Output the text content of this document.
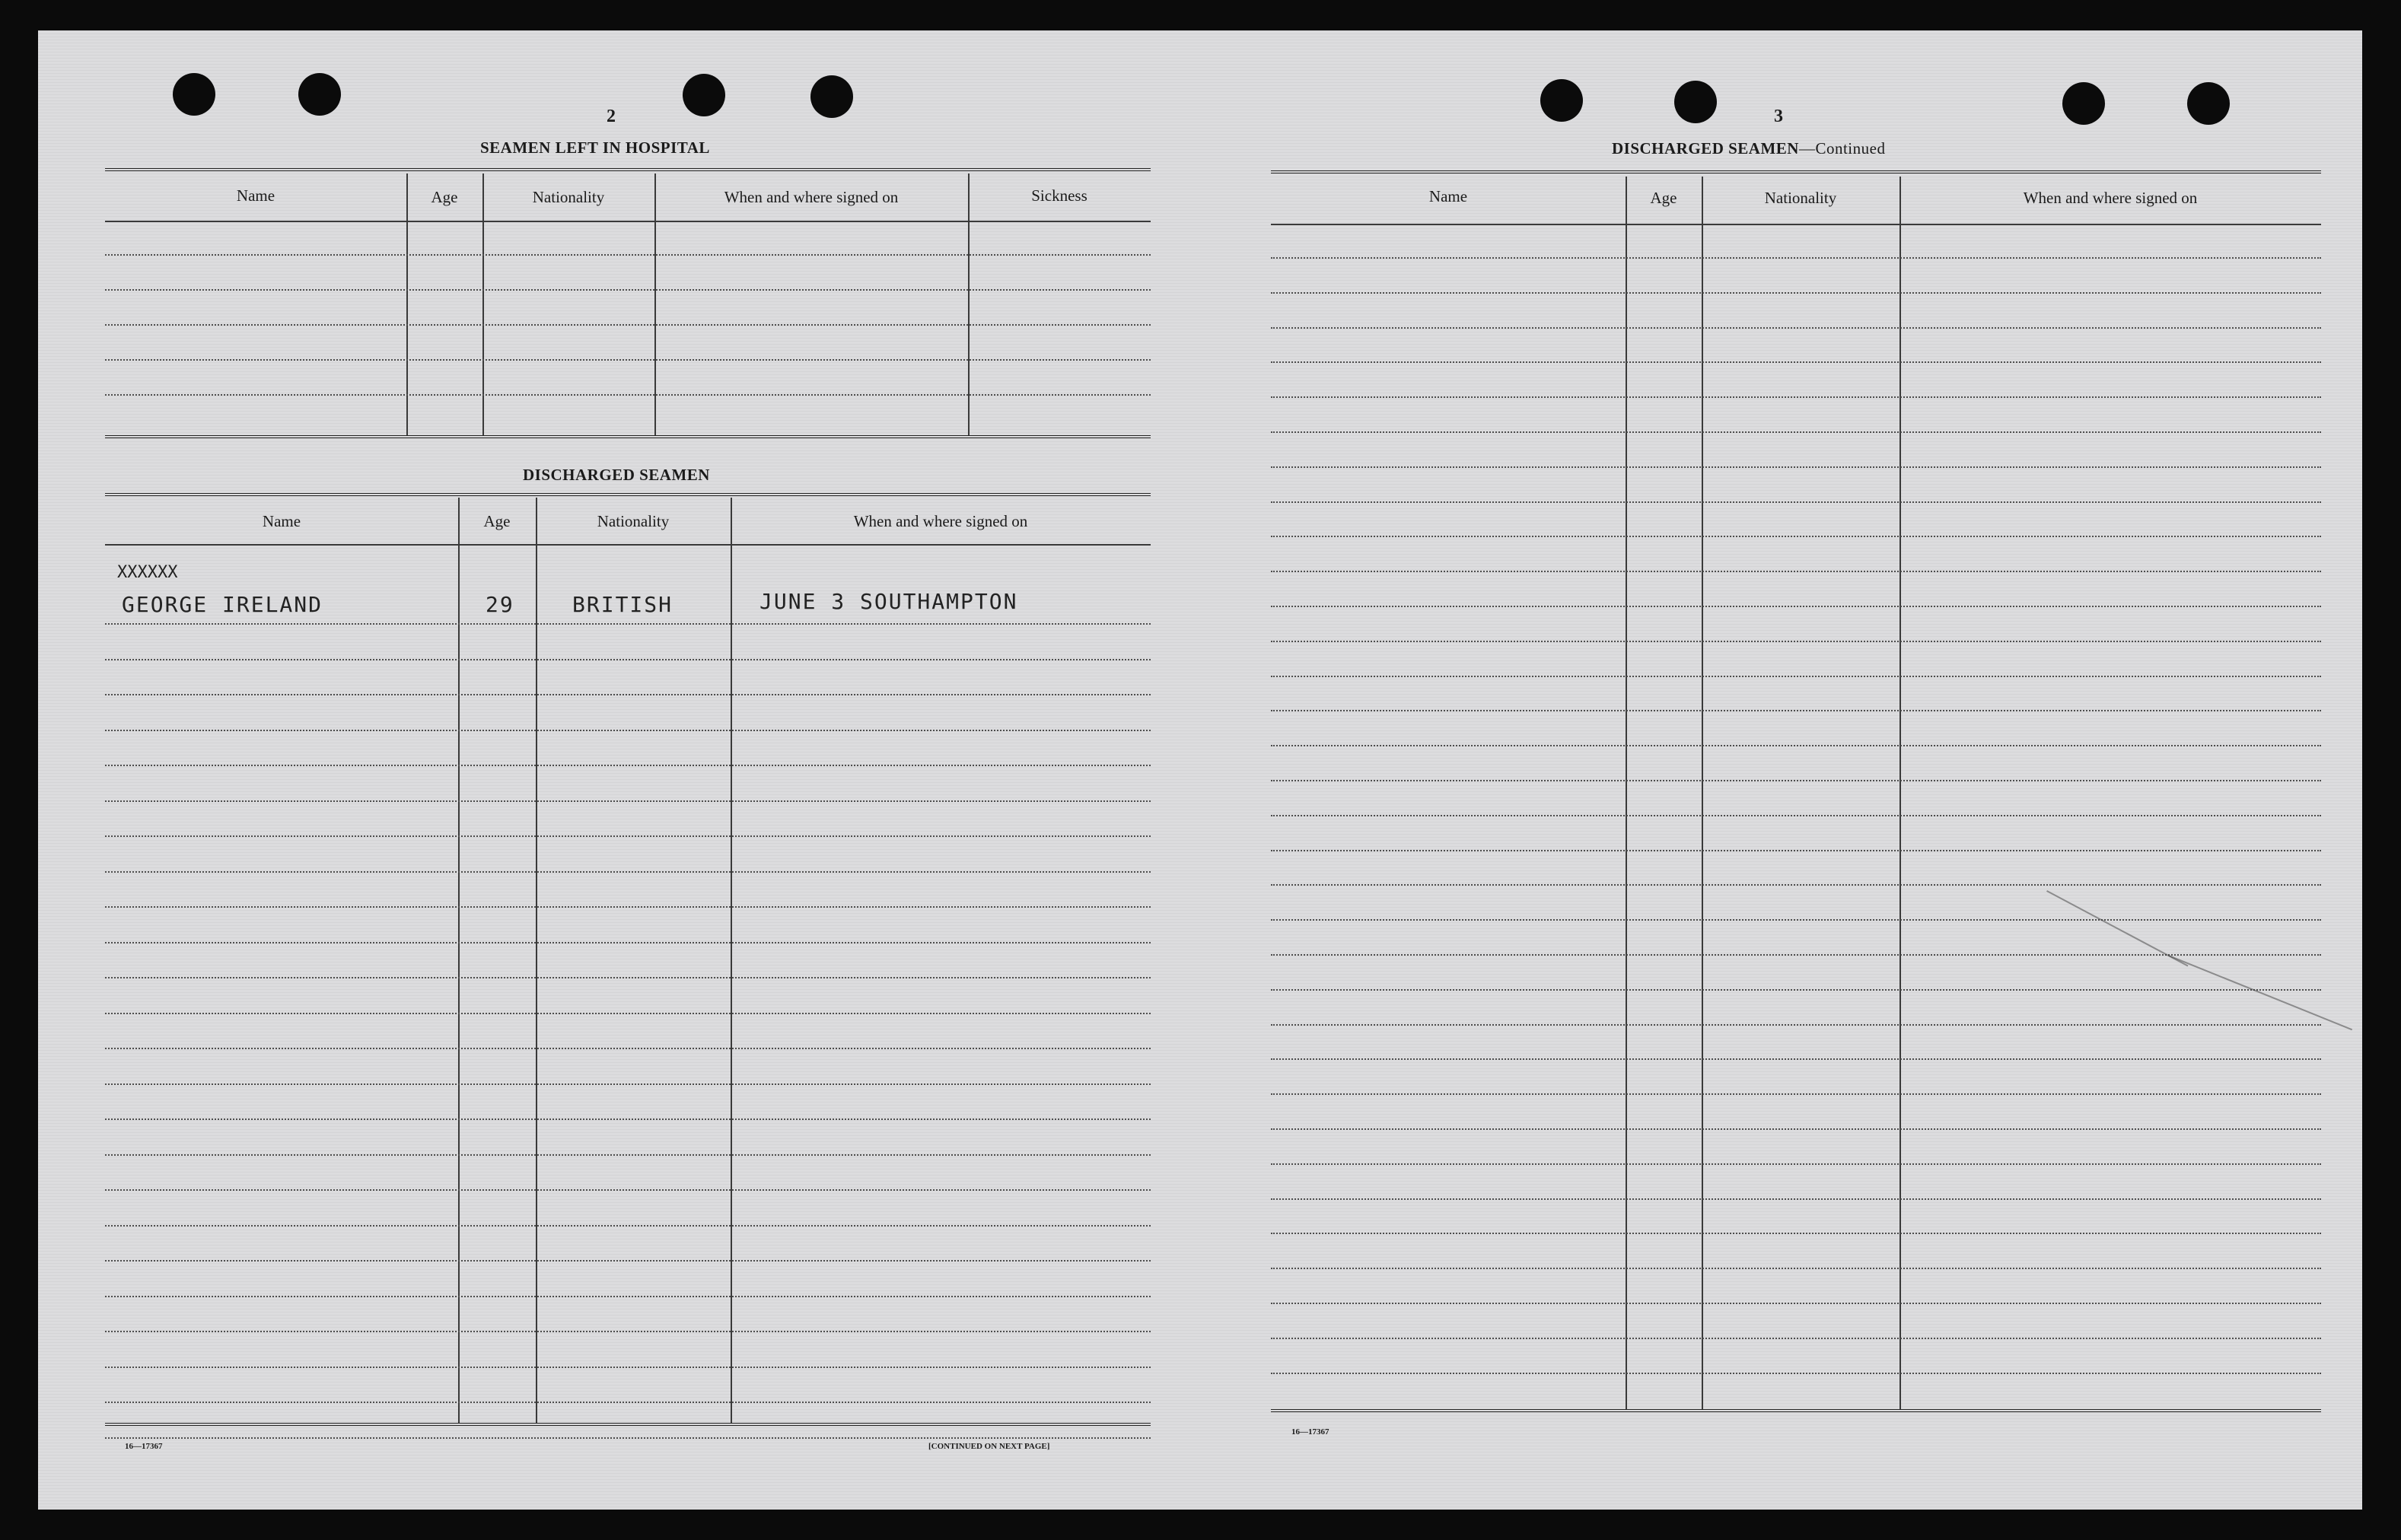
2
SEAMEN LEFT IN HOSPITAL
Name	Age	Nationality	When and where signed on	Sickness
DISCHARGED SEAMEN
Name	Age	Nationality	When and where signed on
XXXXXX
GEORGE IRELAND	29	BRITISH	JUNE 3 SOUTHAMPTON
16—17367	[CONTINUED ON NEXT PAGE]
3
DISCHARGED SEAMEN—Continued
Name	Age	Nationality	When and where signed on
16—17367
